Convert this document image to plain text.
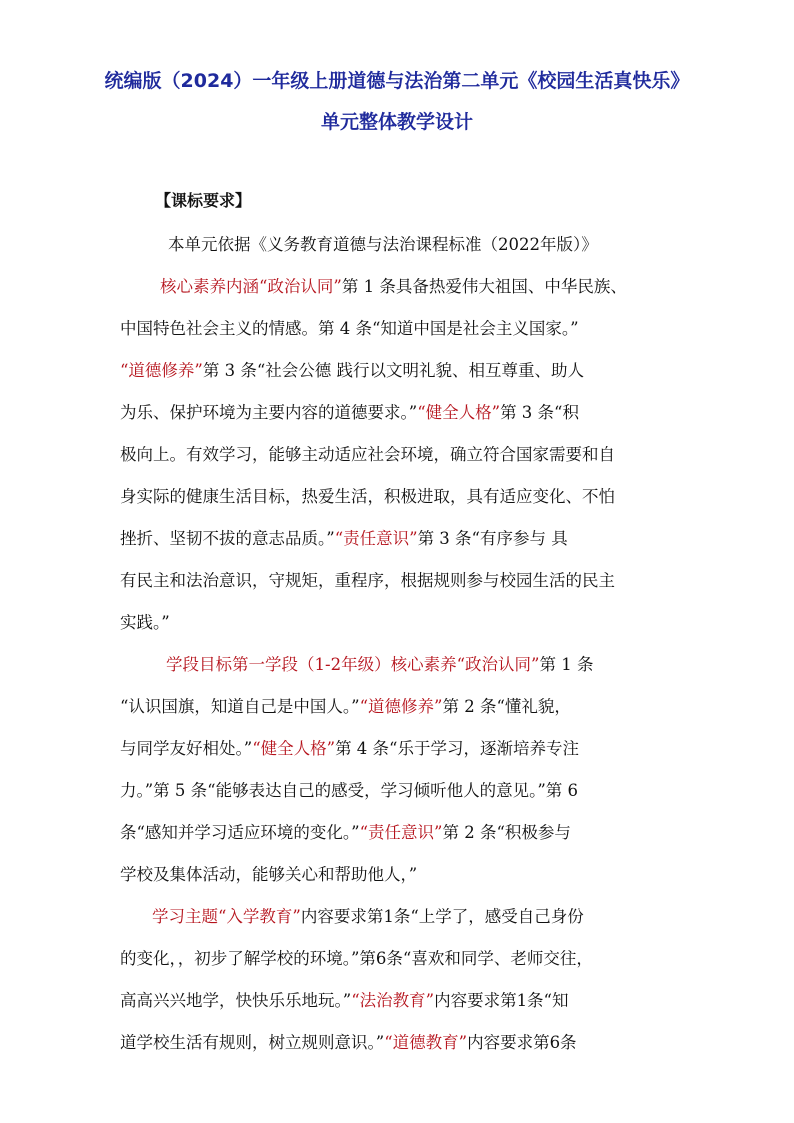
统编版（2024）一年级上册道德与法治第二单元《校园生活真快乐》
单元整体教学设计
【课标要求】
本单元依据《义务教育道德与法治课程标准（2022年版）》
核心素养内涵“政治认同”第 1 条具备热爱伟大祖国、中华民族、
中国特色社会主义的情感。第 4 条“知道中国是社会主义国家。”
“道德修养”第 3 条“社会公德 践行以文明礼貌、相互尊重、助人
为乐、保护环境为主要内容的道德要求。”“健全人格”第 3 条“积
极向上。有效学习，能够主动适应社会环境，确立符合国家需要和自
身实际的健康生活目标，热爱生活，积极进取，具有适应变化、不怕
挫折、坚韧不拔的意志品质。”“责任意识”第 3 条“有序参与 具
有民主和法治意识，守规矩，重程序，根据规则参与校园生活的民主
实践。”
学段目标第一学段（1-2年级）核心素养“政治认同”第 1 条
“认识国旗，知道自己是中国人。”“道德修养”第 2 条“懂礼貌，
与同学友好相处。”“健全人格”第 4 条“乐于学习，逐渐培养专注
力。”第 5 条“能够表达自己的感受，学习倾听他人的意见。”第 6
条“感知并学习适应环境的变化。”“责任意识”第 2 条“积极参与
学校及集体活动，能够关心和帮助他人，”
学习主题“入学教育”内容要求第1条“上学了，感受自己身份
的变化，，初步了解学校的环境。”第6条“喜欢和同学、老师交往，
高高兴兴地学，快快乐乐地玩。”“法治教育”内容要求第1条“知
道学校生活有规则，树立规则意识。”“道德教育”内容要求第6条
